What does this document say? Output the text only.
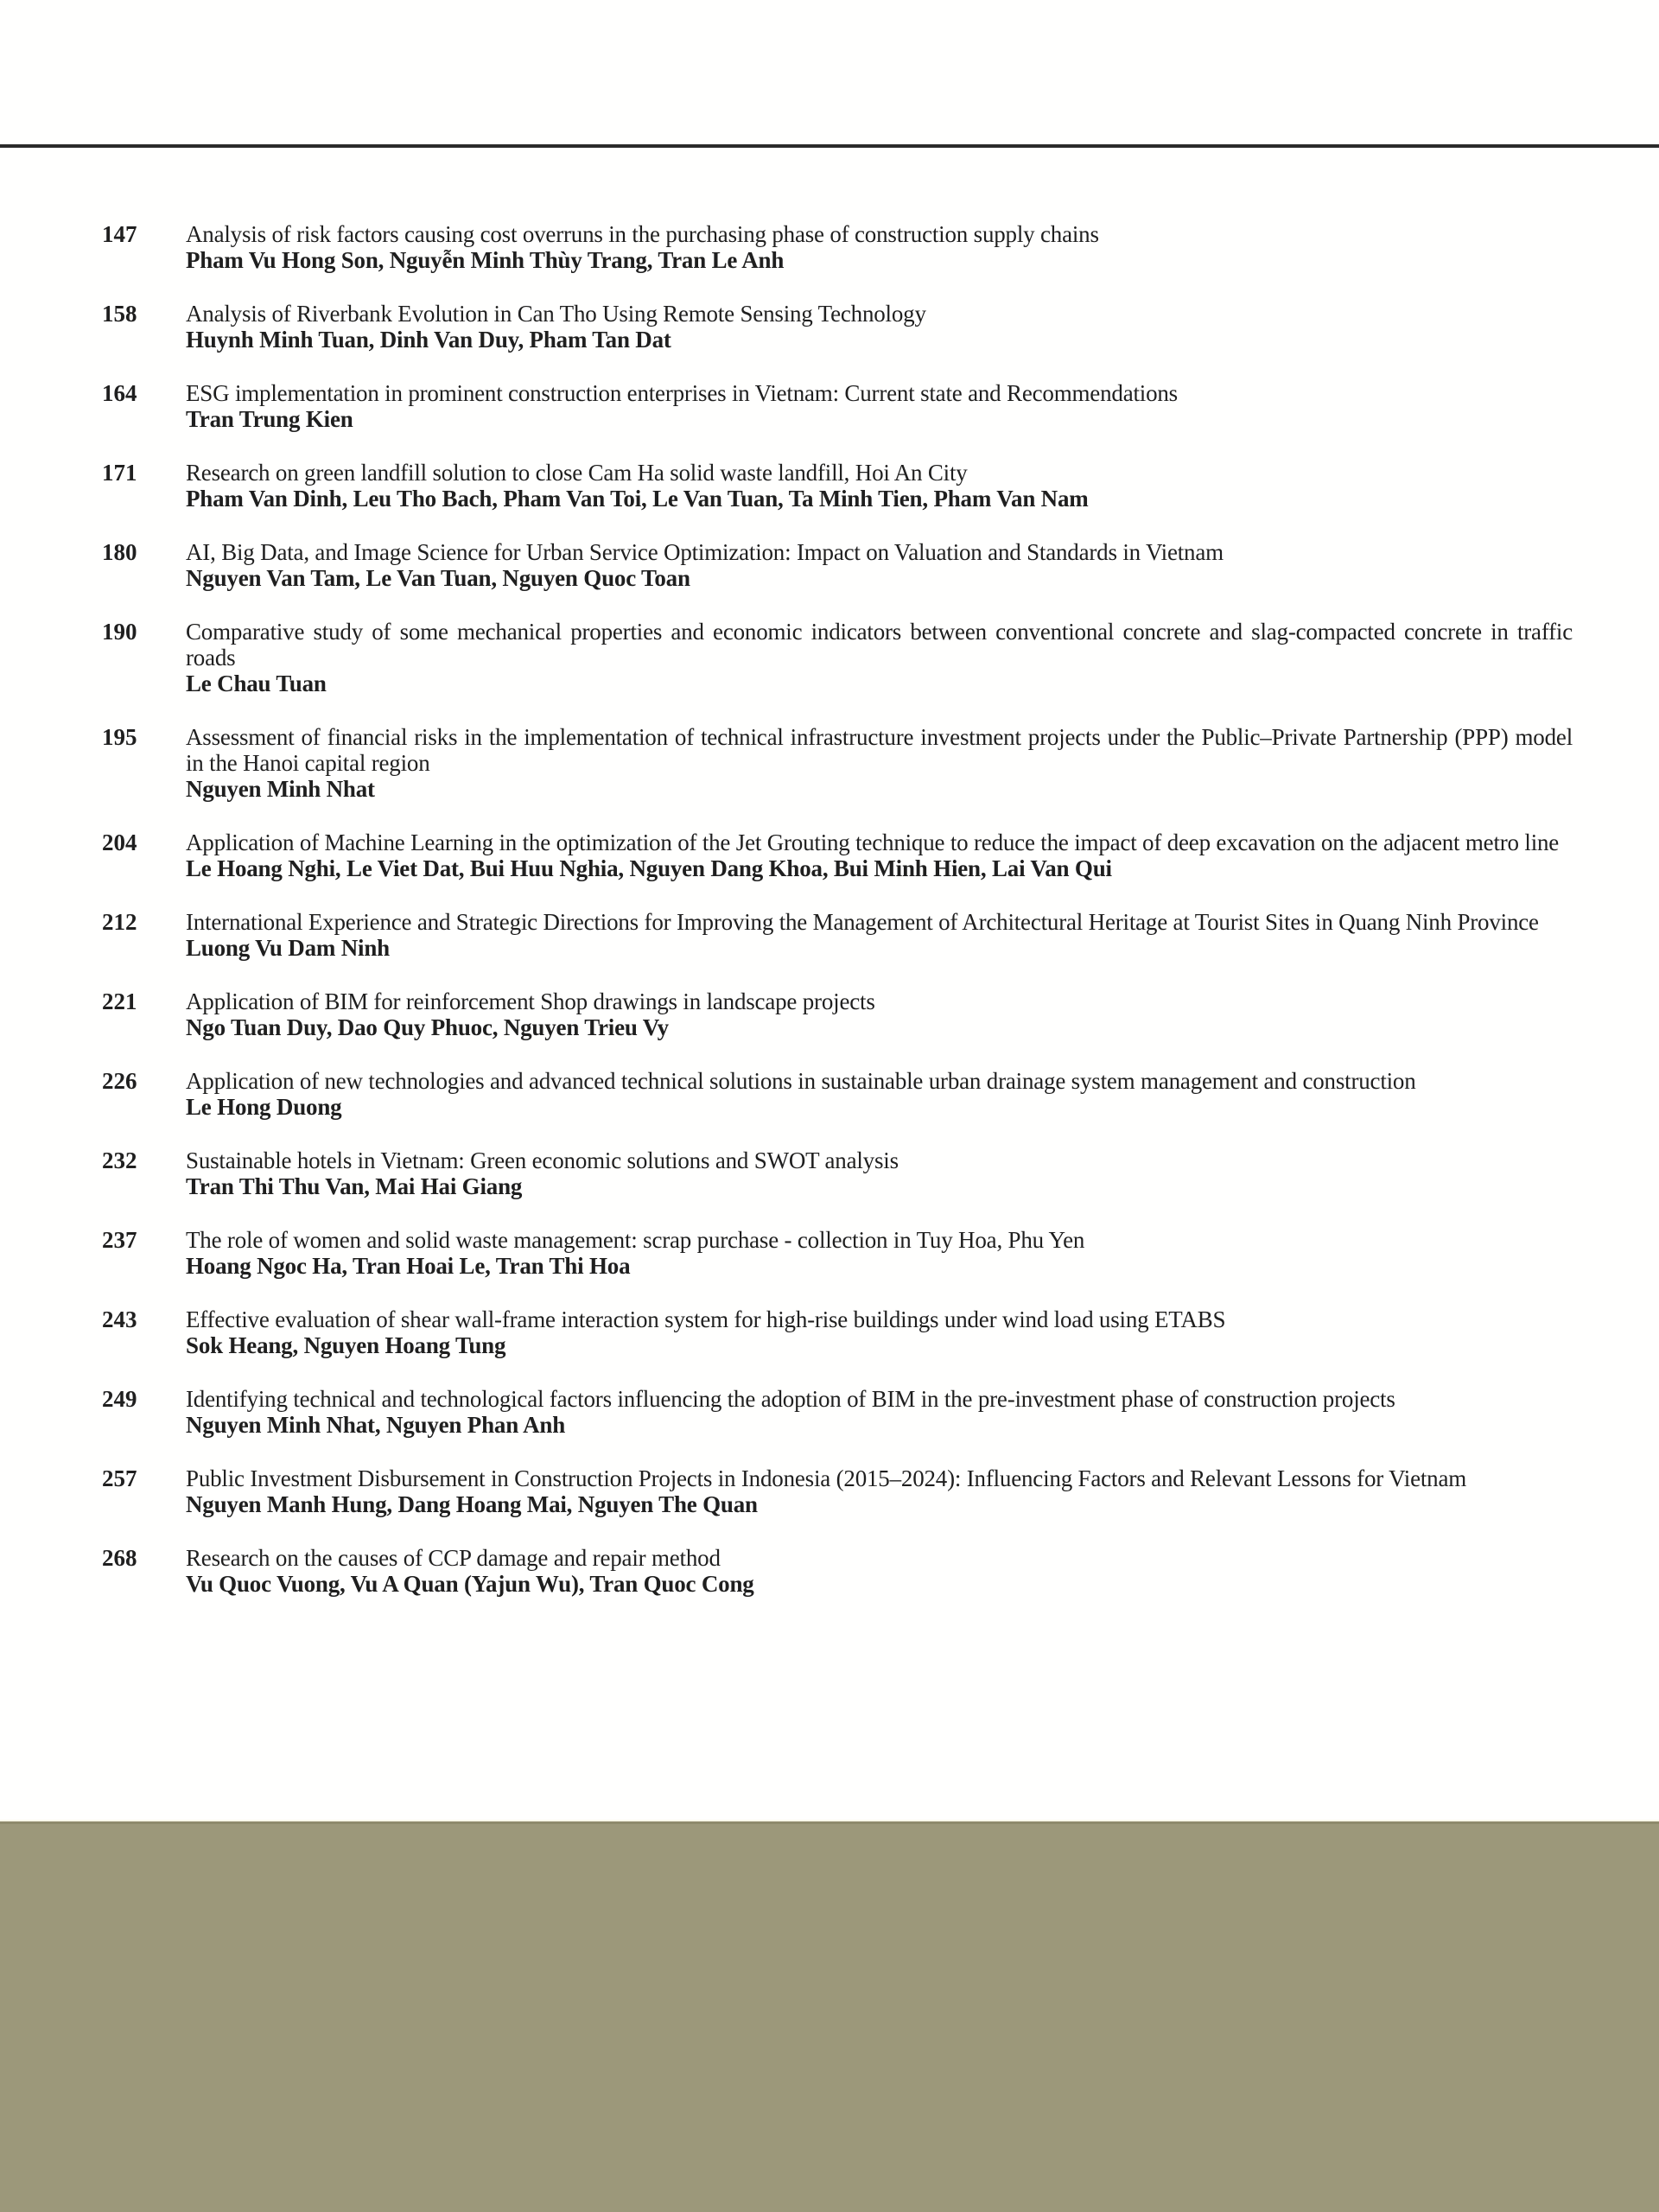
147	Analysis of risk factors causing cost overruns in the purchasing phase of construction supply chains
Pham Vu Hong Son, Nguyễn Minh Thùy Trang, Tran Le Anh
158	Analysis of Riverbank Evolution in Can Tho Using Remote Sensing Technology
Huynh Minh Tuan, Dinh Van Duy, Pham Tan Dat
164	ESG implementation in prominent construction enterprises in Vietnam: Current state and Recommendations
Tran Trung Kien
171	Research on green landfill solution to close Cam Ha solid waste landfill, Hoi An City
Pham Van Dinh, Leu Tho Bach, Pham Van Toi, Le Van Tuan, Ta Minh Tien, Pham Van Nam
180	AI, Big Data, and Image Science for Urban Service Optimization: Impact on Valuation and Standards in Vietnam
Nguyen Van Tam, Le Van Tuan, Nguyen Quoc Toan
190	Comparative study of some mechanical properties and economic indicators between conventional concrete and slag-compacted concrete in traffic roads
Le Chau Tuan
195	Assessment of financial risks in the implementation of technical infrastructure investment projects under the Public–Private Partnership (PPP) model in the Hanoi capital region
Nguyen Minh Nhat
204	Application of Machine Learning in the optimization of the Jet Grouting technique to reduce the impact of deep excavation on the adjacent metro line
Le Hoang Nghi, Le Viet Dat, Bui Huu Nghia, Nguyen Dang Khoa, Bui Minh Hien, Lai Van Qui
212	International Experience and Strategic Directions for Improving the Management of Architectural Heritage at Tourist Sites in Quang Ninh Province
Luong Vu Dam Ninh
221	Application of BIM for reinforcement Shop drawings in landscape projects
Ngo Tuan Duy, Dao Quy Phuoc, Nguyen Trieu Vy
226	Application of new technologies and advanced technical solutions in sustainable urban drainage system management and construction
Le Hong Duong
232	Sustainable hotels in Vietnam: Green economic solutions and SWOT analysis
Tran Thi Thu Van, Mai Hai Giang
237	The role of women and solid waste management: scrap purchase - collection in Tuy Hoa, Phu Yen
Hoang Ngoc Ha, Tran Hoai Le, Tran Thi Hoa
243	Effective evaluation of shear wall-frame interaction system for high-rise buildings under wind load using ETABS
Sok Heang, Nguyen Hoang Tung
249	Identifying technical and technological factors influencing the adoption of BIM in the pre-investment phase of construction projects
Nguyen Minh Nhat, Nguyen Phan Anh
257	Public Investment Disbursement in Construction Projects in Indonesia (2015–2024): Influencing Factors and Relevant Lessons for Vietnam
Nguyen Manh Hung, Dang Hoang Mai, Nguyen The Quan
268	Research on the causes of CCP damage and repair method
Vu Quoc Vuong, Vu A Quan (Yajun Wu), Tran Quoc Cong
